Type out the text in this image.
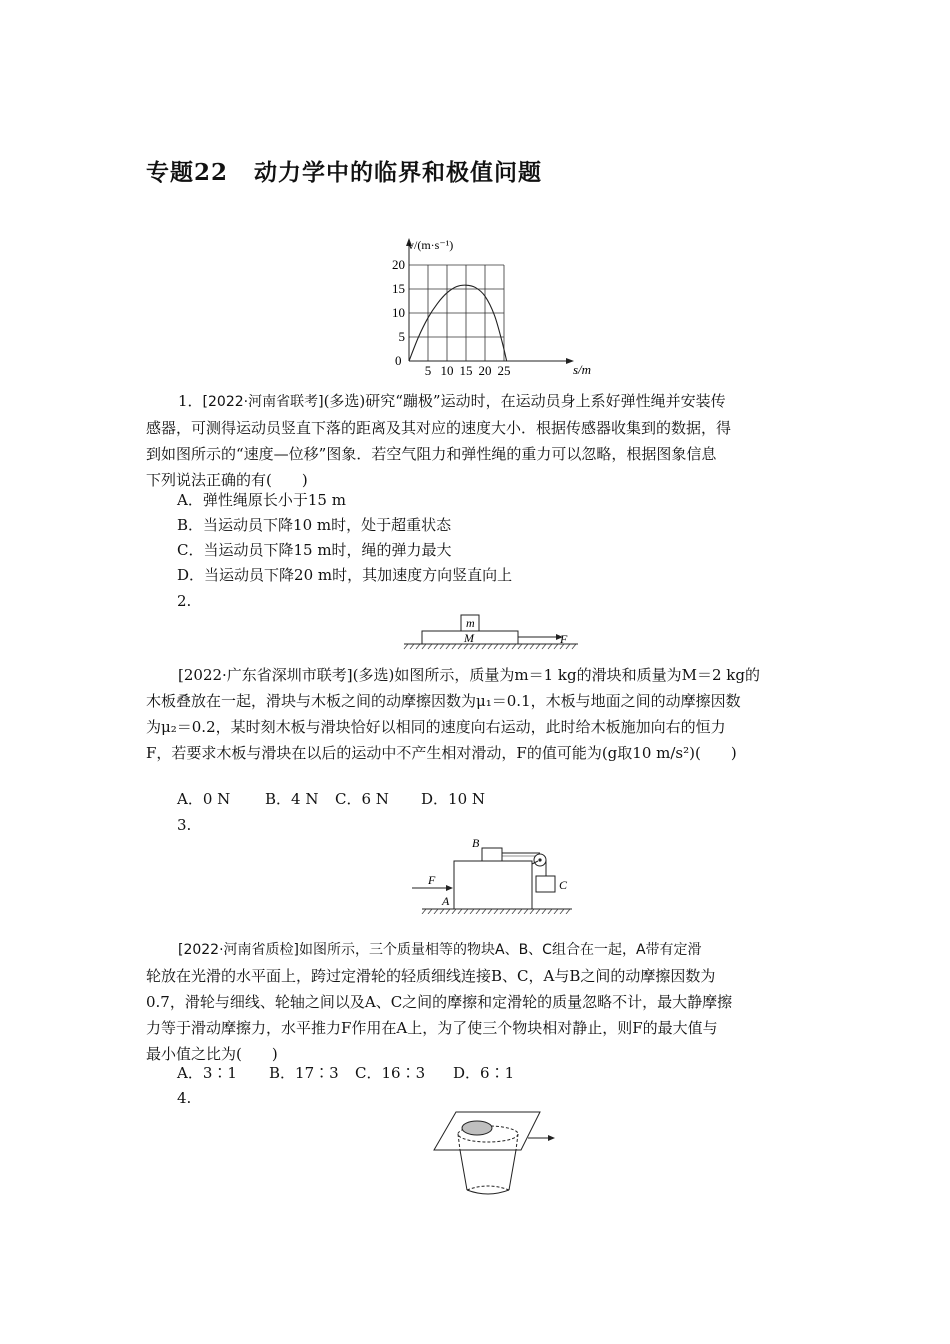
专题22 动力学中的临界和极值问题
5 10 15 20 25
5
10
15
20
v/(m·s⁻¹)
s/m
0
1．[2022·河南省联考](多选)研究“蹦极”运动时，在运动员身上系好弹性绳并安装传
感器，可测得运动员竖直下落的距离及其对应的速度大小．根据传感器收集到的数据，得
到如图所示的“速度—位移”图象．若空气阻力和弹性绳的重力可以忽略，根据图象信息
下列说法正确的有(　　)
A．弹性绳原长小于15 m
B．当运动员下降10 m时，处于超重状态
C．当运动员下降15 m时，绳的弹力最大
D．当运动员下降20 m时，其加速度方向竖直向上
2.
m
M	F
[2022·广东省深圳市联考](多选)如图所示，质量为m＝1 kg的滑块和质量为M＝2 kg的
木板叠放在一起，滑块与木板之间的动摩擦因数为μ₁＝0.1，木板与地面之间的动摩擦因数
为μ₂＝0.2，某时刻木板与滑块恰好以相同的速度向右运动，此时给木板施加向右的恒力
F，若要求木板与滑块在以后的运动中不产生相对滑动，F的值可能为(g取10 m/s²)(　　)
A．0 N B．4 N C．6 N D．10 N
3.
B
C
F
A
[2022·河南省质检]如图所示，三个质量相等的物块A、B、C组合在一起，A带有定滑
轮放在光滑的水平面上，跨过定滑轮的轻质细线连接B、C，A与B之间的动摩擦因数为
0.7，滑轮与细线、轮轴之间以及A、C之间的摩擦和定滑轮的质量忽略不计，最大静摩擦
力等于滑动摩擦力，水平推力F作用在A上，为了使三个物块相对静止，则F的最大值与
最小值之比为(　　)
A．3∶1 B．17∶3 C．16∶3 D．6∶1
4.
